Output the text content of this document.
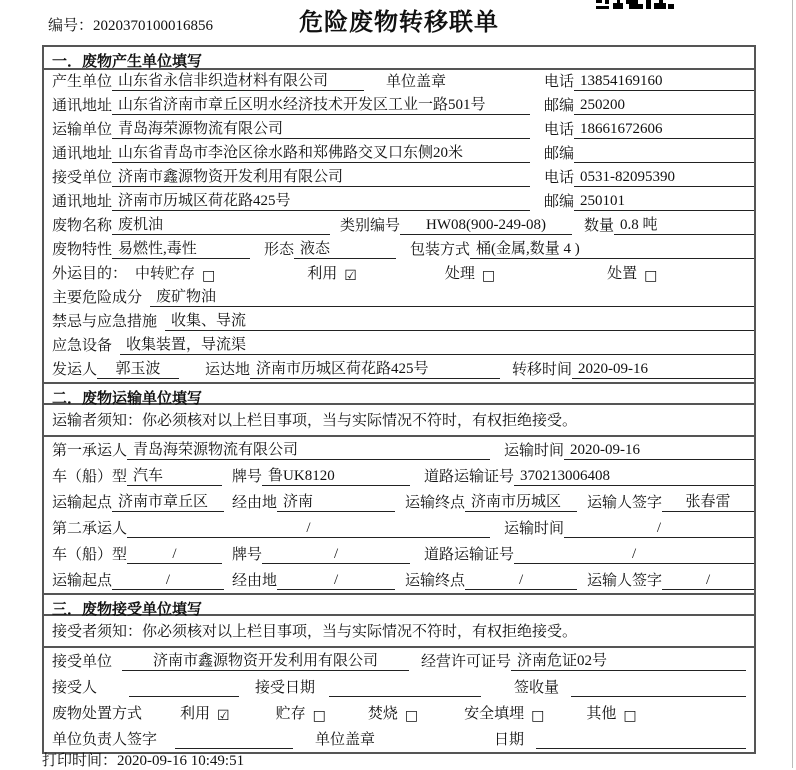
编号：2020370100016856	危险废物转移联单
一．废物产生单位填写
产生单位 山东省永信非织造材料有限公司	单位盖章	电话 13854169160
通讯地址 山东省济南市章丘区明水经济技术开发区工业一路501号	邮编 250200
运输单位 青岛海荣源物流有限公司	电话 18661672606
通讯地址 山东省青岛市李沧区徐水路和郑佛路交叉口东侧20米	邮编
接受单位 济南市鑫源物资开发利用有限公司	电话 0531-82095390
通讯地址 济南市历城区荷花路425号	邮编 250101
废物名称 废机油	类别编号	HW08(900-249-08)	数量 0.8 吨
废物特性 易燃性,毒性	形态 液态	包装方式 桶(金属,数量 4 )
外运目的： 中转贮存 □	利用 ☑	处理 □	处置 □
主要危险成分 废矿物油
禁忌与应急措施 收集、导流
应急设备 收集装置，导流渠
发运人	郭玉波	运达地 济南市历城区荷花路425号	转移时间 2020-09-16
二．废物运输单位填写
运输者须知：你必须核对以上栏目事项，当与实际情况不符时，有权拒绝接受。
第一承运人 青岛海荣源物流有限公司	运输时间 2020-09-16
车（船）型 汽车	牌号 鲁UK8120	道路运输证号 370213006408
运输起点 济南市章丘区	经由地 济南	运输终点 济南市历城区	运输人签字	张春雷
第二承运人	/	运输时间	/
车（船）型	/	牌号	/	道路运输证号	/
运输起点	/	经由地	/	运输终点	/	运输人签字	/
三．废物接受单位填写
接受者须知：你必须核对以上栏目事项，当与实际情况不符时，有权拒绝接受。
接受单位	济南市鑫源物资开发利用有限公司	经营许可证号 济南危证02号
接受人	接受日期	签收量
废物处置方式	利用 ☑	贮存 □	焚烧 □	安全填埋 □	其他 □
单位负责人签字	单位盖章	日期
打印时间：2020-09-16 10:49:51
